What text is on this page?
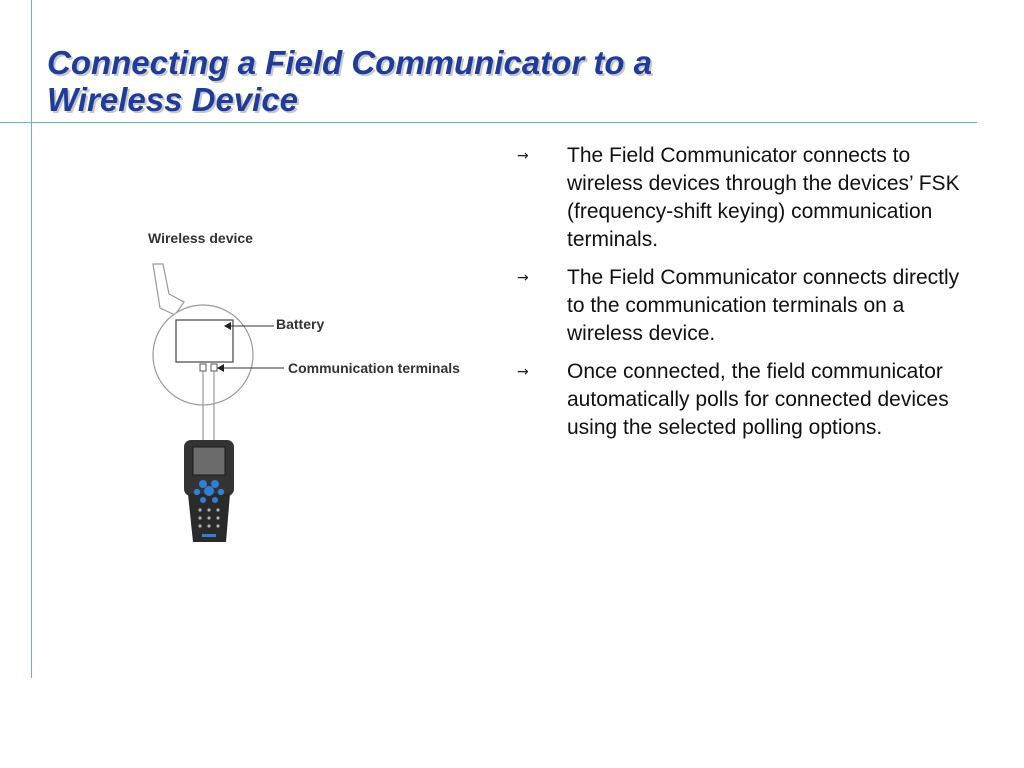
Connecting a Field Communicator to a
Wireless Device
Wireless device
Battery
Communication terminals
→	The Field Communicator connects to wireless devices through the devices’ FSK (frequency-shift keying) communication terminals.
→	The Field Communicator connects directly to the communication terminals on a wireless device.
→	Once connected, the field communicator automatically polls for connected devices using the selected polling options.
